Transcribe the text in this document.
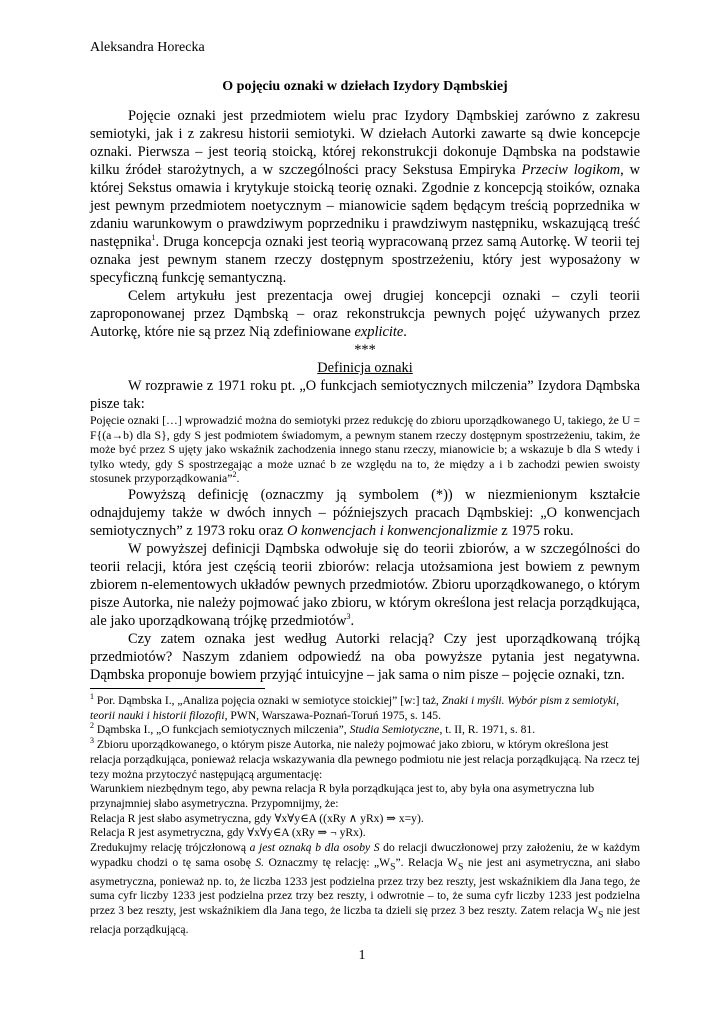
Aleksandra Horecka
O pojęciu oznaki w dziełach Izydory Dąmbskiej

Pojęcie oznaki jest przedmiotem wielu prac Izydory Dąmbskiej zarówno z zakresu semiotyki, jak i z zakresu historii semiotyki. W dziełach Autorki zawarte są dwie koncepcje oznaki. Pierwsza – jest teorią stoicką, której rekonstrukcji dokonuje Dąmbska na podstawie kilku źródeł starożytnych, a w szczególności pracy Sekstusa Empiryka Przeciw logikom, w której Sekstus omawia i krytykuje stoicką teorię oznaki. Zgodnie z koncepcją stoików, oznaka jest pewnym przedmiotem noetycznym – mianowicie sądem będącym treścią poprzednika w zdaniu warunkowym o prawdziwym poprzedniku i prawdziwym następniku, wskazującą treść następnika$^1$. Druga koncepcja oznaki jest teorią wypracowaną przez samą Autorkę. W teorii tej oznaka jest pewnym stanem rzeczy dostępnym spostrzeżeniu, który jest wyposażony w specyficzną funkcję semantyczną.

Celem artykułu jest prezentacja owej drugiej koncepcji oznaki – czyli teorii zaproponowanej przez Dąmbską – oraz rekonstrukcja pewnych pojęć używanych przez Autorkę, które nie są przez Nią zdefiniowane explicite.

***

Definicja oznaki

W rozprawie z 1971 roku pt. „O funkcjach semiotycznych milczenia” Izydora Dąmbska pisze tak:

Pojęcie oznaki […] wprowadzić można do semiotyki przez redukcję do zbioru uporządkowanego U, takiego, że U = F{(a→b) dla S}, gdy S jest podmiotem świadomym, a pewnym stanem rzeczy dostępnym spostrzeżeniu, takim, że może być przez S ujęty jako wskaźnik zachodzenia innego stanu rzeczy, mianowicie b; a wskazuje b dla S wtedy i tylko wtedy, gdy S spostrzegając a może uznać b ze względu na to, że między a i b zachodzi pewien swoisty stosunek przyporządkowania”$^2$.

Powyższą definicję (oznaczmy ją symbolem (*)) w niezmienionym kształcie odnajdujemy także w dwóch innych – późniejszych pracach Dąmbskiej: „O konwencjach semiotycznych” z 1973 roku oraz O konwencjach i konwencjonalizmie z 1975 roku.

W powyższej definicji Dąmbska odwołuje się do teorii zbiorów, a w szczególności do teorii relacji, która jest częścią teorii zbiorów: relacja utożsamiona jest bowiem z pewnym zbiorem n-elementowych układów pewnych przedmiotów. Zbioru uporządkowanego, o którym pisze Autorka, nie należy pojmować jako zbioru, w którym określona jest relacja porządkująca, ale jako uporządkowaną trójkę przedmiotów$^3$.

Czy zatem oznaka jest według Autorki relacją? Czy jest uporządkowaną trójką przedmiotów? Naszym zdaniem odpowiedź na oba powyższe pytania jest negatywna. Dąmbska proponuje bowiem przyjąć intuicyjne – jak sama o nim pisze – pojęcie oznaki, tzn.

$^1$ Por. Dąmbska I., „Analiza pojęcia oznaki w semiotyce stoickiej” [w:] taż, Znaki i myśli. Wybór pism z semiotyki, teorii nauki i historii filozofii, PWN, Warszawa-Poznań-Toruń 1975, s. 145.

$^2$ Dąmbska I., „O funkcjach semiotycznych milczenia”, Studia Semiotyczne, t. II, R. 1971, s. 81.

$^3$ Zbioru uporządkowanego, o którym pisze Autorka, nie należy pojmować jako zbioru, w którym określona jest relacja porządkująca, ponieważ relacja wskazywania dla pewnego podmiotu nie jest relacja porządkującą. Na rzecz tej tezy można przytoczyć następującą argumentację:

Warunkiem niezbędnym tego, aby pewna relacja R była porządkująca jest to, aby była ona asymetryczna lub przynajmniej słabo asymetryczna. Przypomnijmy, że:

Relacja R jest słabo asymetryczna, gdy ∀x∀y∈A ((xRy ∧ yRx) ⇒ x=y).

Relacja R jest asymetryczna, gdy ∀x∀y∈A (xRy ⇒ ¬ yRx).

Zredukujmy relację trójczłonową a jest oznaką b dla osoby S do relacji dwuczłonowej przy założeniu, że w każdym wypadku chodzi o tę sama osobę S. Oznaczmy tę relację: $„W_S$”. Relacja $W_S$ nie jest ani asymetryczna, ani słabo asymetryczna, ponieważ np. to, że liczba 1233 jest podzielna przez trzy bez reszty, jest wskaźnikiem dla Jana tego, że suma cyfr liczby 1233 jest podzielna przez trzy bez reszty, i odwrotnie – to, że suma cyfr liczby 1233 jest podzielna przez 3 bez reszty, jest wskaźnikiem dla Jana tego, że liczba ta dzieli się przez 3 bez reszty. Zatem relacja $W_S$ nie jest relacja porządkującą.

1
